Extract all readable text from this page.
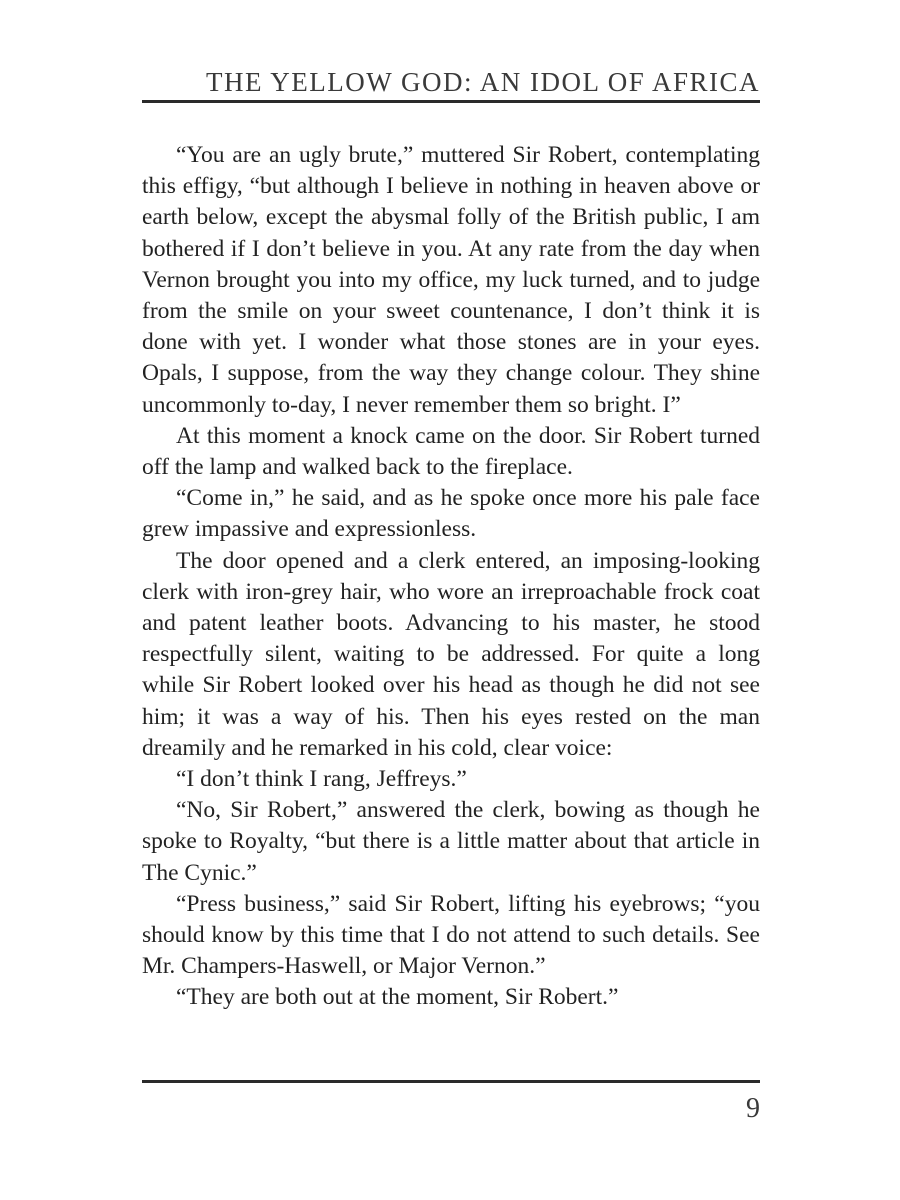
THE YELLOW GOD: AN IDOL OF AFRICA

“You are an ugly brute,” muttered Sir Robert, contemplating this effigy, “but although I believe in nothing in heaven above or earth below, except the abysmal folly of the British public, I am bothered if I don’t believe in you. At any rate from the day when Vernon brought you into my office, my luck turned, and to judge from the smile on your sweet countenance, I don’t think it is done with yet. I wonder what those stones are in your eyes. Opals, I suppose, from the way they change colour. They shine uncommonly to-day, I never remember them so bright. I”

At this moment a knock came on the door. Sir Robert turned off the lamp and walked back to the fireplace.

“Come in,” he said, and as he spoke once more his pale face grew impassive and expressionless.

The door opened and a clerk entered, an imposing-looking clerk with iron-grey hair, who wore an irreproachable frock coat and patent leather boots. Advancing to his master, he stood respectfully silent, waiting to be addressed. For quite a long while Sir Robert looked over his head as though he did not see him; it was a way of his. Then his eyes rested on the man dreamily and he remarked in his cold, clear voice:

“I don’t think I rang, Jeffreys.”

“No, Sir Robert,” answered the clerk, bowing as though he spoke to Royalty, “but there is a little matter about that article in The Cynic.”

“Press business,” said Sir Robert, lifting his eyebrows; “you should know by this time that I do not attend to such details. See Mr. Champers-Haswell, or Major Vernon.”

“They are both out at the moment, Sir Robert.”

9
